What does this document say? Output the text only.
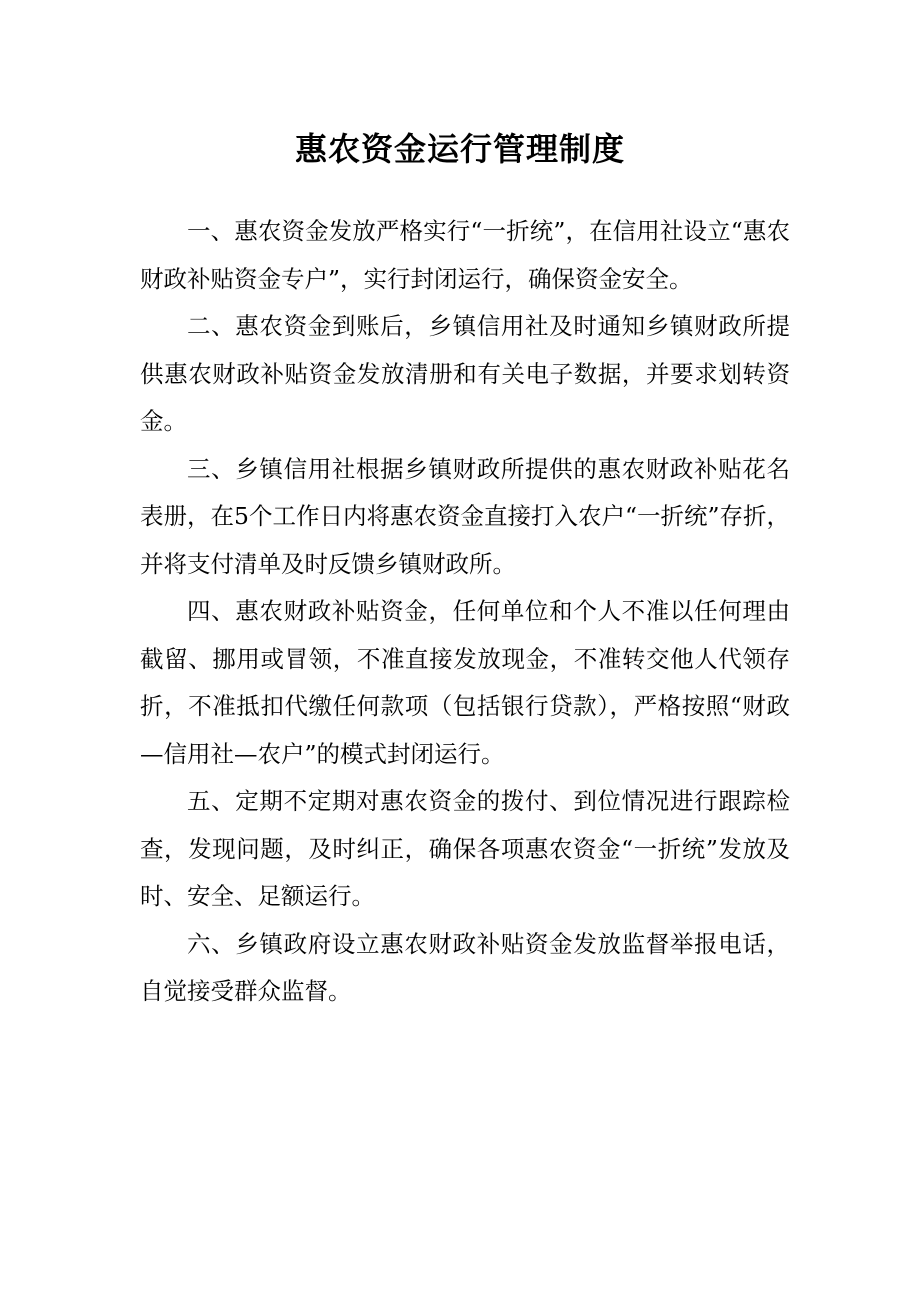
惠农资金运行管理制度

一、惠农资金发放严格实行“一折统”，在信用社设立“惠农财政补贴资金专户”，实行封闭运行，确保资金安全。

二、惠农资金到账后，乡镇信用社及时通知乡镇财政所提供惠农财政补贴资金发放清册和有关电子数据，并要求划转资金。

三、乡镇信用社根据乡镇财政所提供的惠农财政补贴花名表册，在5个工作日内将惠农资金直接打入农户“一折统”存折，并将支付清单及时反馈乡镇财政所。

四、惠农财政补贴资金，任何单位和个人不准以任何理由截留、挪用或冒领，不准直接发放现金，不准转交他人代领存折，不准抵扣代缴任何款项（包括银行贷款），严格按照“财政—信用社—农户”的模式封闭运行。

五、定期不定期对惠农资金的拨付、到位情况进行跟踪检查，发现问题，及时纠正，确保各项惠农资金“一折统”发放及时、安全、足额运行。

六、乡镇政府设立惠农财政补贴资金发放监督举报电话，自觉接受群众监督。
